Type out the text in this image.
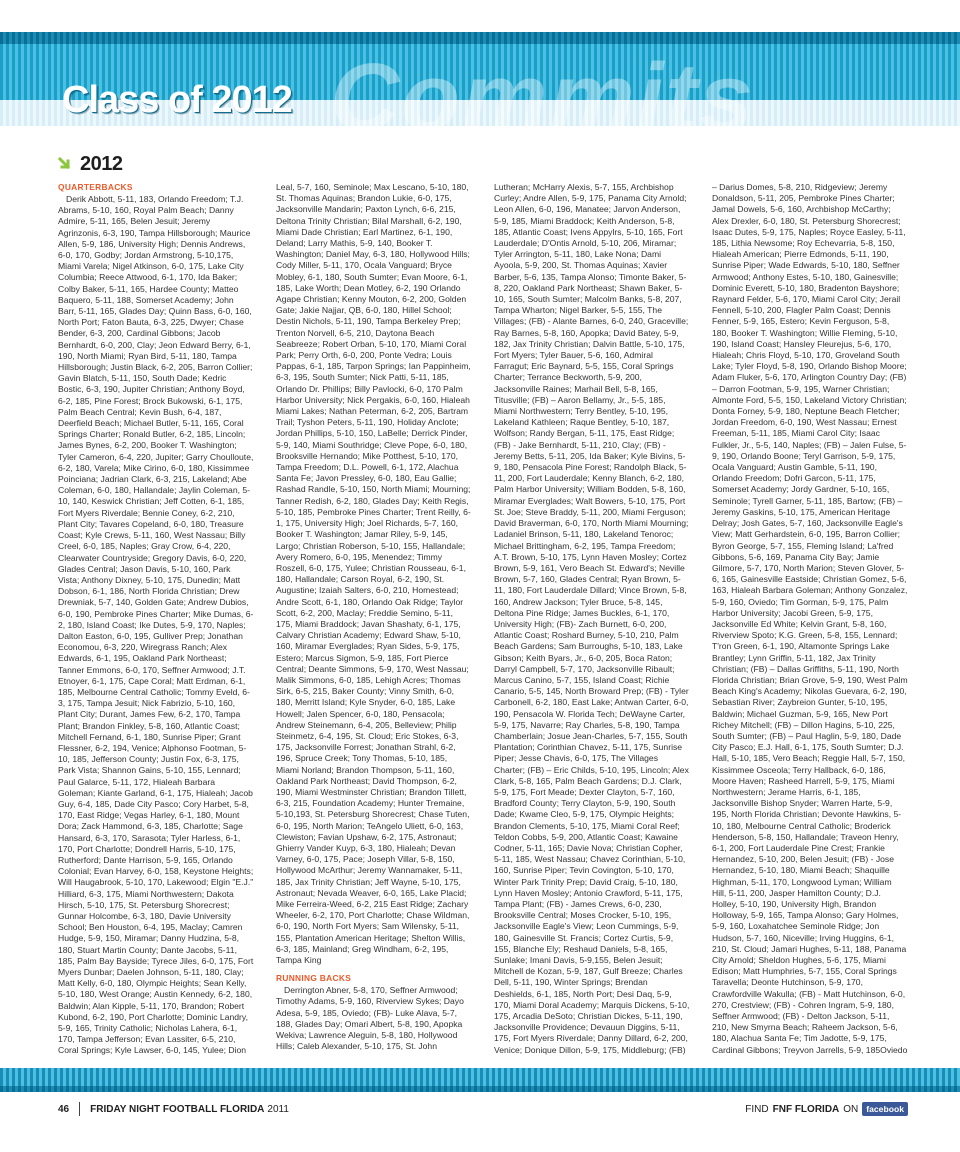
Commits
Class of 2012
2012
QUARTERBACKS

Derik Abbott, 5-11, 183, Orlando Freedom; T.J. Abrams, 5-10, 160, Royal Palm Beach; Danny Admire, 5-11, 165, Belen Jesuit; Jeremy Agrinzonis, 6-3, 190, Tampa Hillsborough; Maurice Allen, 5-9, 186, University High; Dennis Andrews, 6-0, 170, Godby; Jordan Armstrong, 5-10,175, Miami Varela; Nigel Atkinson, 6-0, 175, Lake City Columbia; Reece Attwood, 6-1, 170, Ida Baker; Colby Baker, 5-11, 165, Hardee County; Matteo Baquero, 5-11, 188, Somerset Academy; John Barr, 5-11, 165, Glades Day; Quinn Bass, 6-0, 160, North Port; Faton Bauta, 6-3, 225, Dwyer; Chase Bender, 6-3, 200, Cardinal Gibbons; Jacob Bernhardt, 6-0, 200, Clay; Jeon Edward Berry, 6-1, 190, North Miami; Ryan Bird, 5-11, 180, Tampa Hillsborough; Justin Black, 6-2, 205, Barron Collier; Gavin Blatch, 5-11, 150, South Dade; Kedric Bostic, 6-3, 190, Jupiter Christian; Anthony Boyd, 6-2, 185, Pine Forest; Brock Bukowski, 6-1, 175, Palm Beach Central; Kevin Bush, 6-4, 187, Deerfield Beach; Michael Butler, 5-11, 165, Coral Springs Charter; Ronald Butler, 6-2, 185, Lincoln; James Bynes, 6-2, 200, Booker T. Washington; Tyler Cameron, 6-4, 220, Jupiter; Garry Choulloute, 6-2, 180, Varela; Mike Cirino, 6-0, 180, Kissimmee Poinciana; Jadrian Clark, 6-3, 215, Lakeland; Abe Coleman, 6-0, 180, Hallandale; Jaylin Coleman, 5-10, 140, Keswick Christian; Jeff Cotten, 6-1, 185, Fort Myers Riverdale; Bennie Coney, 6-2, 210, Plant City; Tavares Copeland, 6-0, 180, Treasure Coast; Kyle Crews, 5-11, 160, West Nassau; Billy Creel, 6-0, 185, Naples; Gray Crow, 6-4, 220, Clearwater Countryside; Gregory Davis, 6-0, 220, Glades Central; Jason Davis, 5-10, 160, Park Vista; Anthony Dixney, 5-10, 175, Dunedin; Matt Dobson, 6-1, 186, North Florida Christian; Drew Drewniak, 5-7, 140, Golden Gate; Andrew Dubios, 6-0, 190, Pembroke Pines Charter; Mike Dumas, 6-2, 180, Island Coast; Ike Dutes, 5-9, 170, Naples; Dalton Easton, 6-0, 195, Gulliver Prep; Jonathan Economou, 6-3, 220, Wiregrass Ranch; Alex Edwards, 6-1, 195, Oakland Park Northeast; Tanner Emmons, 6-0, 170, Seffner Armwood; J.T. Etnoyer, 6-1, 175, Cape Coral; Matt Erdman, 6-1, 185, Melbourne Central Catholic; Tommy Eveld, 6-3, 175, Tampa Jesuit; Nick Fabrizio, 5-10, 160, Plant City; Durant, James Few, 6-2, 170, Tampa Plant; Brandon Finkley, 5-8, 160, Atlantic Coast; Mitchell Fernand, 6-1, 180, Sunrise Piper; Grant Flessner, 6-2, 194, Venice; Alphonso Footman, 5-10, 185, Jefferson County; Justin Fox, 6-3, 175, Park Vista; Shannon Gains, 5-10, 155, Lennard; Paul Galarce, 5-11, 172, Hialeah Barbara Goleman; Kiante Garland, 6-1, 175, Hialeah; Jacob Guy, 6-4, 185, Dade City Pasco; Cory Harbet, 5-8, 170, East Ridge; Vegas Harley, 6-1, 180, Mount Dora; Zack Hammond, 6-3, 185, Charlotte; Sage Hansard, 6-3, 170, Sarasota; Tyler Harless, 6-1, 170, Port Charlotte; Dondrell Harris, 5-10, 175, Rutherford; Dante Harrison, 5-9, 165, Orlando Colonial; Evan Harvey, 6-0, 158, Keystone Heights; Will Haugabrook, 5-10, 170, Lakewood; Elgin "E.J." Hilliard, 6-3, 175, Miami Northwestern; Dakota Hirsch, 5-10, 175, St. Petersburg Shorecrest; Gunnar Holcombe, 6-3, 180, Davie University School; Ben Houston, 6-4, 195, Maclay; Camren Hudge, 5-9, 150, Miramar; Danny Hudzina, 5-8, 180, Stuart Martin County; Dante Jacobs, 5-11, 185, Palm Bay Bayside; Tyrece Jiles, 6-0, 175, Fort Myers Dunbar; Daelen Johnson, 5-11, 180, Clay; Matt Kelly, 6-0, 180, Olympic Heights; Sean Kelly, 5-10, 180, West Orange; Austin Kennedy, 6-2, 180, Baldwin; Alan Kipple, 5-11, 170, Brandon; Robert Kubond, 6-2, 190, Port Charlotte; Dominic Landry, 5-9, 165, Trinity Catholic; Nicholas Lahera, 6-1, 170, Tampa Jefferson; Evan Lassiter, 6-5, 210, Coral Springs; Kyle Lawser, 6-0, 145, Yulee; Dion

Leal, 5-7, 160, Seminole; Max Lescano, 5-10, 180, St. Thomas Aquinas; Brandon Lukie, 6-0, 175, Jacksonville Mandarin; Paxton Lynch, 6-6, 215, Deltona Trinity Christian; Bilal Marshall, 6-2, 190, Miami Dade Christian; Earl Martinez, 6-1, 190, Deland; Larry Mathis, 5-9, 140, Booker T. Washington; Daniel May, 6-3, 180, Hollywood Hills; Cody Miller, 5-11, 170, Ocala Vanguard; Bryce Mobley, 6-1, 180, South Sumter; Evan Moore, 6-1, 185, Lake Worth; Dean Motley, 6-2, 190 Orlando Agape Christian; Kenny Mouton, 6-2, 200, Golden Gate; Jakie Najjar, QB, 6-0, 180, Hillel School; Destin Nichols, 5-11, 190, Tampa Berkeley Prep; Trenton Norvell, 6-5, 210, Daytona Beach Seabreeze; Robert Orban, 5-10, 170, Miami Coral Park; Perry Orth, 6-0, 200, Ponte Vedra; Louis Pappas, 6-1, 185, Tarpon Springs; Ian Pappinheim, 6-3, 195, South Sumter; Nick Patti, 5-11, 185, Orlando Dr. Phillips; Billy Pavlocki, 6-0, 170 Palm Harbor University; Nick Pergakis, 6-0, 160, Hialeah Miami Lakes; Nathan Peterman, 6-2, 205, Bartram Trail; Tyshon Peters, 5-11, 190, Holiday Anclote; Jordan Phillips, 5-10, 150, LaBelle; Derrick Pinder, 5-9, 140, Miami Southridge; Cleve Pope, 6-0, 180, Brooksville Hernando; Mike Potthest, 5-10, 170, Tampa Freedom; D.L. Powell, 6-1, 172, Alachua Santa Fe; Javon Pressley, 6-0, 180, Eau Gallie; Rashad Randle, 5-10, 150, North Miami; Mourning; Tanner Redish, 6-2, 180, Glades Day; Keith Regis, 5-10, 185, Pembroke Pines Charter; Trent Reilly, 6-1, 175, University High; Joel Richards, 5-7, 160, Booker T. Washington; Jamar Riley, 5-9, 145, Largo; Christian Roberson, 5-10, 155, Hallandale; Avery Romero, 6-0, 195, Menendez; Timmy Roszell, 6-0, 175, Yulee; Christian Rousseau, 6-1, 180, Hallandale; Carson Royal, 6-2, 190, St. Augustine; Izaiah Salters, 6-0, 210, Homestead; Andre Scott, 6-1, 180, Orlando Oak Ridge; Taylor Scott, 6-2, 200, Maclay; Freddie Semino, 5-11, 175, Miami Braddock; Javan Shashaty, 6-1, 175, Calvary Christian Academy; Edward Shaw, 5-10, 160, Miramar Everglades; Ryan Sides, 5-9, 175, Estero; Marcus Sigmon, 5-9, 185, Fort Pierce Central; Deante Simmons, 5-9, 170, West Nassau; Malik Simmons, 6-0, 185, Lehigh Acres; Thomas Sirk, 6-5, 215, Baker County; Vinny Smith, 6-0, 180, Merritt Island; Kyle Snyder, 6-0, 185, Lake Howell; Jalen Spencer, 6-0, 180, Pensacola; Andrew Steinemann, 6-4, 205, Belleview; Philip Steinmetz, 6-4, 195, St. Cloud; Eric Stokes, 6-3, 175, Jacksonville Forrest; Jonathan Strahl, 6-2, 196, Spruce Creek; Tony Thomas, 5-10, 185, Miami Norland; Brandon Thompson, 5-11, 160, Oakland Park Northeast; David Thompson, 6-2, 190, Miami Westminster Christian; Brandon Tillett, 6-3, 215, Foundation Academy; Hunter Tremaine, 5-10,193, St. Petersburg Shorecrest; Chase Tuten, 6-0, 195, North Marion; TeAngelo Uliett, 6-0, 163, Clewiston; Favian Upshaw, 6-2, 175, Astronaut; Ghierry Vander Kuyp, 6-3, 180, Hialeah; Devan Varney, 6-0, 175, Pace; Joseph Villar, 5-8, 150, Hollywood McArthur; Jeremy Wannamaker, 5-11, 185, Jax Trinity Christian; Jeff Wayne, 5-10, 175, Astronaut; Nevada Weaver, 6-0, 165, Lake Placid; Mike Ferreira-Weed, 6-2, 215 East Ridge; Zachary Wheeler, 6-2, 170, Port Charlotte; Chase Wildman, 6-0, 190, North Fort Myers; Sam Wilensky, 5-11, 155, Plantation American Heritage; Shelton Willis, 6-3, 185, Mainland; Greg Windham, 6-2, 195, Tampa King

RUNNING BACKS

Derrington Abner, 5-8, 170, Seffner Armwood; Timothy Adams, 5-9, 160, Riverview Sykes; Dayo Adesa, 5-9, 185, Oviedo; (FB)- Luke Alava, 5-7, 188, Glades Day; Omari Albert, 5-8, 190, Apopka Wekiva; Lawrence Aleguin, 5-8, 180, Hollywood Hills; Caleb Alexander, 5-10, 175, St. John

Lutheran; McHarry Alexis, 5-7, 155, Archbishop Curley; Andre Allen, 5-9, 175, Panama City Arnold; Leon Allen, 6-0, 196, Manatee; Jarvon Anderson, 5-9, 185, Miami Braddock; Keith Anderson, 5-8, 185, Atlantic Coast; Ivens Appylrs, 5-10, 165, Fort Lauderdale; D'Ontis Arnold, 5-10, 206, Miramar; Tyler Arrington, 5-11, 180, Lake Nona; Dami Ayoola, 5-9, 200, St. Thomas Aquinas; Xavier Barber, 5-6, 135, Tampa Alonso; Timonte Baker, 5-8, 220, Oakland Park Northeast; Shawn Baker, 5-10, 165, South Sumter; Malcolm Banks, 5-8, 207, Tampa Wharton; Nigel Barker, 5-5, 155, The Villages; (FB) - Alante Barnes, 6-0, 240, Graceville; Ray Barnes, 5-8, 160, Apopka; David Batey, 5-9, 182, Jax Trinity Christian; Dalvin Battle, 5-10, 175, Fort Myers; Tyler Bauer, 5-6, 160, Admiral Farragut; Eric Baynard, 5-5, 155, Coral Springs Charter; Terrance Beckworth, 5-9, 200, Jacksonville Raines; Marhail Bell, 5-8, 165, Titusville; (FB) – Aaron Bellamy, Jr., 5-5, 185, Miami Northwestern; Terry Bentley, 5-10, 195, Lakeland Kathleen; Raque Bentley, 5-10, 187, Wolfson; Randy Bergan, 5-11, 175, East Ridge; (FB) - Jake Bernhardt, 5-11, 210, Clay; (FB) - Jeremy Betts, 5-11, 205, Ida Baker; Kyle Bivins, 5-9, 180, Pensacola Pine Forest; Randolph Black, 5-11, 200, Fort Lauderdale; Kenny Blanch, 6-2, 180, Palm Harbor University; William Bodden, 5-8, 160, Miramar Everglades; Walt Bowers, 5-10, 175, Port St. Joe; Steve Braddy, 5-11, 200, Miami Ferguson; David Braverman, 6-0, 170, North Miami Mourning; Ladaniel Brinson, 5-11, 180, Lakeland Tenoroc; Michael Brittingham, 6-2, 195, Tampa Freedom; A.T. Brown, 5-10, 175, Lynn Haven Mosley; Cortez Brown, 5-9, 161, Vero Beach St. Edward's; Neville Brown, 5-7, 160, Glades Central; Ryan Brown, 5-11, 180, Fort Lauderdale Dillard; Vince Brown, 5-8, 160, Andrew Jackson; Tyler Bruce, 5-8, 145, Deltona Pine Ridge; James Buckles, 6-1, 170, University High; (FB)- Zach Burnett, 6-0, 200, Atlantic Coast; Roshard Burney, 5-10, 210, Palm Beach Gardens; Sam Burroughs, 5-10, 183, Lake Gibson; Keith Byars, Jr., 6-0, 205, Boca Raton; Darryl Campbell, 5-7, 170, Jacksonville Ribault; Marcus Canino, 5-7, 155, Island Coast; Richie Canario, 5-5, 145, North Broward Prep; (FB) - Tyler Carbonell, 6-2, 180, East Lake; Antwan Carter, 6-0, 190, Pensacola W. Florida Tech; DeWayne Carter, 5-9, 175, Navarre; Ray Charles, 5-8, 190, Tampa Chamberlain; Josue Jean-Charles, 5-7, 155, South Plantation; Corinthian Chavez, 5-11, 175, Sunrise Piper; Jesse Chavis, 6-0, 175, The Villages Charter; (FB) – Eric Childs, 5-10, 195, Lincoln; Alex Clark, 5-8, 165, Palm Beach Gardens; D.J. Clark, 5-9, 175, Fort Meade; Dexter Clayton, 5-7, 160, Bradford County; Terry Clayton, 5-9, 190, South Dade; Kwame Cleo, 5-9, 175, Olympic Heights; Brandon Clements, 5-10, 175, Miami Coral Reef; Teldon Cobbs, 5-9, 200, Atlantic Coast; Kawaine Codner, 5-11, 165; Davie Nova; Christian Copher, 5-11, 185, West Nassau; Chavez Corinthian, 5-10, 160, Sunrise Piper; Tevin Covington, 5-10, 170, Winter Park Trinity Prep; David Craig, 5-10, 180, Lynn Haven Mosley; Antonio Crawford, 5-11, 175, Tampa Plant; (FB) - James Crews, 6-0, 230, Brooksville Central; Moses Crocker, 5-10, 195, Jacksonville Eagle's View; Leon Cummings, 5-9, 180, Gainesville St. Francis; Cortez Curtis, 5-9, 155, Blanche Ely; Reshaud Daniels, 5-8, 165, Sunlake; Imani Davis, 5-9,155, Belen Jesuit; Mitchell de Kozan, 5-9, 187, Gulf Breeze; Charles Dell, 5-11, 190, Winter Springs; Brendan Deshields, 6-1, 185, North Port; Desi Daq, 5-9, 170, Miami Doral Academy; Marquis Dickens, 5-10, 175, Arcadia DeSoto; Christian Dickes, 5-11, 190, Jacksonville Providence; Devauun Diggins, 5-11, 175, Fort Myers Riverdale; Danny Dillard, 6-2, 200, Venice; Donique Dillon, 5-9, 175, Middleburg; (FB)

– Darius Domes, 5-8, 210, Ridgeview; Jeremy Donaldson, 5-11, 205, Pembroke Pines Charter; Jamal Dowels, 5-6, 160, Archbishop McCarthy; Alex Drexler, 6-0, 180, St. Petersburg Shorecrest; Isaac Dutes, 5-9, 175, Naples; Royce Easley, 5-11, 185, Lithia Newsome; Roy Echevarria, 5-8, 150, Hialeah American; Pierre Edmonds, 5-11, 190, Sunrise Piper; Wade Edwards, 5-10, 180, Seffner Armwood; Anthony Estes, 5-10, 180, Gainesville; Dominic Everett, 5-10, 180, Bradenton Bayshore; Raynard Felder, 5-6, 170, Miami Carol City; Jerail Fennell, 5-10, 200, Flagler Palm Coast; Dennis Fenner, 5-9, 165, Estero; Kevin Ferguson, 5-8, 180, Booker T. Washington; Willie Fleming, 5-10, 190, Island Coast; Hansley Fleurejus, 5-6, 170, Hialeah; Chris Floyd, 5-10, 170, Groveland South Lake; Tyler Floyd, 5-8, 190, Orlando Bishop Moore; Adam Fluker, 5-6, 170, Arlington Country Day; (FB) – Darron Footman, 5-9, 195, Warner Christian; Almonte Ford, 5-5, 150, Lakeland Victory Christian; Donta Forney, 5-9, 180, Neptune Beach Fletcher; Jordan Freedom, 6-0, 190, West Nassau; Ernest Freeman, 5-11, 185, Miami Carol City; Isaac Fulkler, Jr., 5-5, 140, Naples; (FB) – Jalen Fulse, 5-9, 190, Orlando Boone; Teryl Garrison, 5-9, 175, Ocala Vanguard; Austin Gamble, 5-11, 190, Orlando Freedom; Dofri Garcon, 5-11, 175, Somerset Academy; Jordy Gardner, 5-10, 165, Seminole; Tyrell Garner, 5-11, 185, Bartow; (FB) – Jeremy Gaskins, 5-10, 175, American Heritage Delray; Josh Gates, 5-7, 160, Jacksonville Eagle's View; Matt Gerhardstein, 6-0, 195, Barron Collier; Byron George, 5-7, 155, Fleming Island; La'fred Gibbons, 5-6, 169, Panama City Bay; Jamie Gilmore, 5-7, 170, North Marion; Steven Glover, 5-6, 165, Gainesville Eastside; Christian Gomez, 5-6, 163, Hialeah Barbara Goleman; Anthony Gonzalez, 5-9, 160, Oviedo; Tim Gorman, 5-9, 175, Palm Harbor University; Jacobi Green, 5-9, 175, Jacksonville Ed White; Kelvin Grant, 5-8, 160, Riverview Spoto; K.G. Green, 5-8, 155, Lennard; T'ron Green, 6-1, 190, Altamonte Springs Lake Brantley; Lynn Griffin, 5-11, 182, Jax Trinity Christian; (FB) – Dallas Griffiths, 5-11, 190, North Florida Christian; Brian Grove, 5-9, 190, West Palm Beach King's Academy; Nikolas Guevara, 6-2, 190, Sebastian River; Zaybreion Gunter, 5-10, 195, Baldwin; Michael Guzman, 5-9, 165, New Port Richey Mitchell; (FB) – Dillon Hagins, 5-10, 225, South Sumter; (FB) – Paul Haglin, 5-9, 180, Dade City Pasco; E.J. Hall, 6-1, 175, South Sumter; D.J. Hall, 5-10, 185, Vero Beach; Reggie Hall, 5-7, 150, Kissimmee Osceola; Terry Hallback, 6-0, 186, Moore Haven; Rasheed Harrell, 5-9, 175, Miami Northwestern; Jerame Harris, 6-1, 185, Jacksonville Bishop Snyder; Warren Harte, 5-9, 195, North Florida Christian; Devonte Hawkins, 5-10, 180, Melbourne Central Catholic; Broderick Henderson, 5-8, 150, Hallandale; Traveon Henry, 6-1, 200, Fort Lauderdale Pine Crest; Frankie Hernandez, 5-10, 200, Belen Jesuit; (FB) - Jose Hernandez, 5-10, 180, Miami Beach; Shaquille Highman, 5-11, 170, Longwood Lyman; William Hill, 5-11, 200, Jasper Hamilton County; D.J. Holley, 5-10, 190, University High, Brandon Holloway, 5-9, 165, Tampa Alonso; Gary Holmes, 5-9, 160, Loxahatchee Seminole Ridge; Jon Hudson, 5-7, 160, Niceville; Irving Huggins, 6-1, 210, St. Cloud; Jamari Hughes, 5-11, 188, Panama City Arnold; Sheldon Hughes, 5-6, 175, Miami Edison; Matt Humphries, 5-7, 155, Coral Springs Taravella; Deonte Hutchinson, 5-9, 170, Crawfordville Wakulla; (FB) - Matt Hutchinson, 6-0, 270, Crestview; (FB) - Cohren Ingram, 5-9, 180, Seffner Armwood; (FB) - Delton Jackson, 5-11, 210, New Smyrna Beach; Raheem Jackson, 5-6, 180, Alachua Santa Fe; Tim Jadotte, 5-9, 175, Cardinal Gibbons; Treyvon Jarrells, 5-9, 185Oviedo

46 FRIDAY NIGHT FOOTBALL FLORIDA 2011	FIND FNF FLORIDA ON facebook
